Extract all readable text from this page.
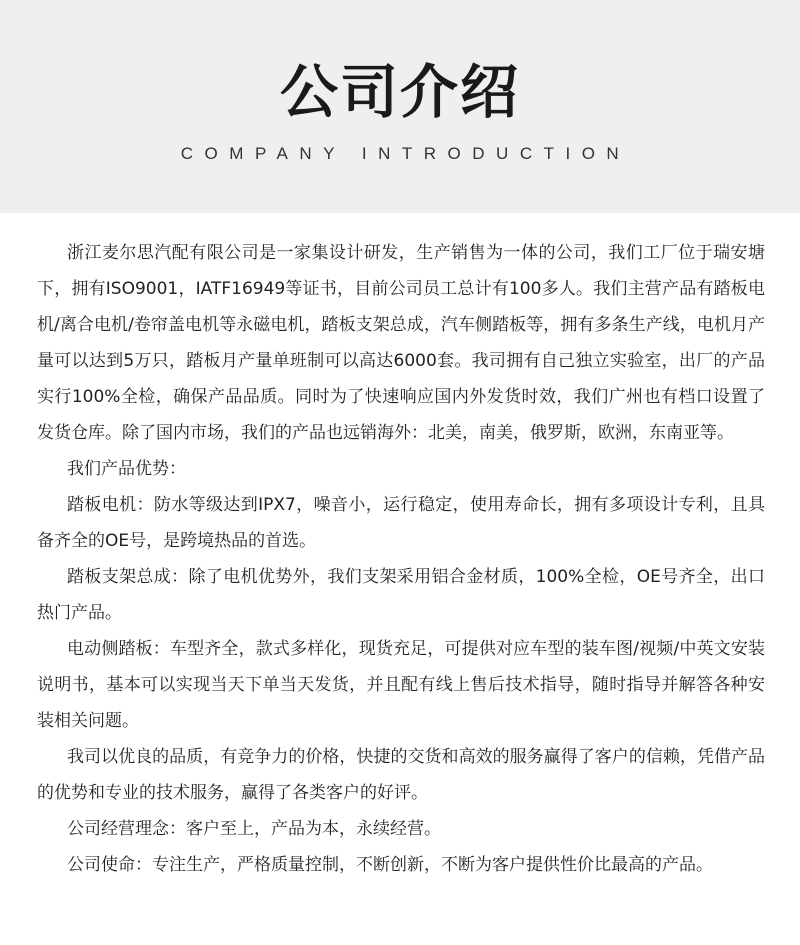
公司介绍
COMPANY INTRODUCTION

浙江麦尔思汽配有限公司是一家集设计研发，生产销售为一体的公司，我们工厂位于瑞安塘下，拥有ISO9001，IATF16949等证书，目前公司员工总计有100多人。我们主营产品有踏板电机/离合电机/卷帘盖电机等永磁电机，踏板支架总成，汽车侧踏板等，拥有多条生产线，电机月产量可以达到5万只，踏板月产量单班制可以高达6000套。我司拥有自己独立实验室，出厂的产品实行100%全检，确保产品品质。同时为了快速响应国内外发货时效，我们广州也有档口设置了发货仓库。除了国内市场，我们的产品也远销海外：北美，南美，俄罗斯，欧洲，东南亚等。

我们产品优势：

踏板电机：防水等级达到IPX7，噪音小，运行稳定，使用寿命长，拥有多项设计专利，且具备齐全的OE号，是跨境热品的首选。

踏板支架总成：除了电机优势外，我们支架采用铝合金材质，100%全检，OE号齐全，出口热门产品。

电动侧踏板：车型齐全，款式多样化，现货充足，可提供对应车型的装车图/视频/中英文安装说明书，基本可以实现当天下单当天发货，并且配有线上售后技术指导，随时指导并解答各种安装相关问题。

我司以优良的品质，有竞争力的价格，快捷的交货和高效的服务赢得了客户的信赖，凭借产品的优势和专业的技术服务，赢得了各类客户的好评。

公司经营理念：客户至上，产品为本，永续经营。

公司使命：专注生产，严格质量控制，不断创新，不断为客户提供性价比最高的产品。
